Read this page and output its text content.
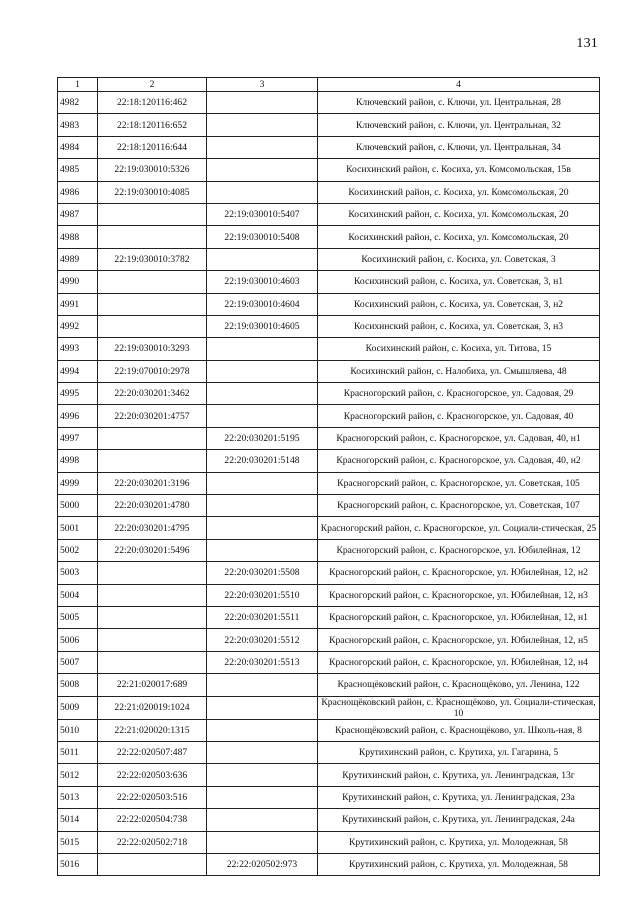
131
1	2	3	4
4982	22:18:120116:462		Ключевский район, с. Ключи, ул. Центральная, 28
4983	22:18:120116:652		Ключевский район, с. Ключи, ул. Центральная, 32
4984	22:18:120116:644		Ключевский район, с. Ключи, ул. Центральная, 34
4985	22:19:030010:5326		Косихинский район, с. Косиха, ул. Комсомольская, 15в
4986	22:19:030010:4085		Косихинский район, с. Косиха, ул. Комсомольская, 20
4987		22:19:030010:5407	Косихинский район, с. Косиха, ул. Комсомольская, 20
4988		22:19:030010:5408	Косихинский район, с. Косиха, ул. Комсомольская, 20
4989	22:19:030010:3782		Косихинский район, с. Косиха, ул. Советская, 3
4990		22:19:030010:4603	Косихинский район, с. Косиха, ул. Советская, 3, н1
4991		22:19:030010:4604	Косихинский район, с. Косиха, ул. Советская, 3, н2
4992		22:19:030010:4605	Косихинский район, с. Косиха, ул. Советская, 3, н3
4993	22:19:030010:3293		Косихинский район, с. Косиха, ул. Титова, 15
4994	22:19:070010:2978		Косихинский район, с. Налобиха, ул. Смышляева, 48
4995	22:20:030201:3462		Красногорский район, с. Красногорское, ул. Садовая, 29
4996	22:20:030201:4757		Красногорский район, с. Красногорское, ул. Садовая, 40
4997		22:20:030201:5195	Красногорский район, с. Красногорское, ул. Садовая, 40, н1
4998		22:20:030201:5148	Красногорский район, с. Красногорское, ул. Садовая, 40, н2
4999	22:20:030201:3196		Красногорский район, с. Красногорское, ул. Советская, 105
5000	22:20:030201:4780		Красногорский район, с. Красногорское, ул. Советская, 107
5001	22:20:030201:4795		Красногорский район, с. Красногорское, ул. Социали-стическая, 25
5002	22:20:030201:5496		Красногорский район, с. Красногорское, ул. Юбилейная, 12
5003		22:20:030201:5508	Красногорский район, с. Красногорское, ул. Юбилейная, 12, н2
5004		22:20:030201:5510	Красногорский район, с. Красногорское, ул. Юбилейная, 12, н3
5005		22:20:030201:5511	Красногорский район, с. Красногорское, ул. Юбилейная, 12, н1
5006		22:20:030201:5512	Красногорский район, с. Красногорское, ул. Юбилейная, 12, н5
5007		22:20:030201:5513	Красногорский район, с. Красногорское, ул. Юбилейная, 12, н4
5008	22:21:020017:689		Краснощёковский район, с. Краснощёково, ул. Ленина, 122
5009	22:21:020019:1024		Краснощёковский район, с. Краснощёково, ул. Социали-стическая, 10
5010	22:21:020020:1315		Краснощёковский район, с. Краснощёково, ул. Школь-ная, 8
5011	22:22:020507:487		Крутихинский район, с. Крутиха, ул. Гагарина, 5
5012	22:22:020503:636		Крутихинский район, с. Крутиха, ул. Ленинградская, 13г
5013	22:22:020503:516		Крутихинский район, с. Крутиха, ул. Ленинградская, 23а
5014	22:22:020504:738		Крутихинский район, с. Крутиха, ул. Ленинградская, 24а
5015	22:22:020502:718		Крутихинский район, с. Крутиха, ул. Молодежная, 58
5016		22:22:020502:973	Крутихинский район, с. Крутиха, ул. Молодежная, 58
